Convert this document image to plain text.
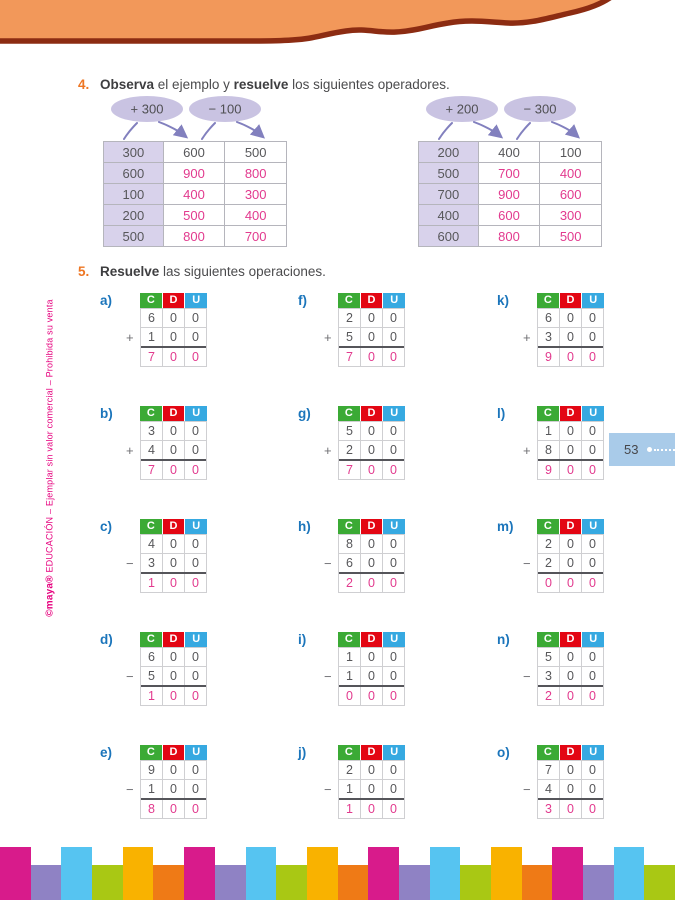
4. Observa el ejemplo y resuelve los siguientes operadores.
+ 300	− 100
300	600	500
600	900	800
100	400	300
200	500	400
500	800	700
+ 200	− 300
200	400	100
500	700	400
700	900	600
400	600	300
600	800	500
5. Resuelve las siguientes operaciones.
a)
+
C	D	U
6	0	0
1	0	0
7	0	0
b)
+
C	D	U
3	0	0
4	0	0
7	0	0
c)
−
C	D	U
4	0	0
3	0	0
1	0	0
d)
−
C	D	U
6	0	0
5	0	0
1	0	0
e)
−
C	D	U
9	0	0
1	0	0
8	0	0
f)
+
C	D	U
2	0	0
5	0	0
7	0	0
g)
+
C	D	U
5	0	0
2	0	0
7	0	0
h)
−
C	D	U
8	0	0
6	0	0
2	0	0
i)
−
C	D	U
1	0	0
1	0	0
0	0	0
j)
−
C	D	U
2	0	0
1	0	0
1	0	0
k)
+
C	D	U
6	0	0
3	0	0
9	0	0
l)
+
C	D	U
1	0	0
8	0	0
9	0	0
m)
−
C	D	U
2	0	0
2	0	0
0	0	0
n)
−
C	D	U
5	0	0
3	0	0
2	0	0
o)
−
C	D	U
7	0	0
4	0	0
3	0	0
53
©maya® EDUCACIÓN – Ejemplar sin valor comercial – Prohibida su venta
